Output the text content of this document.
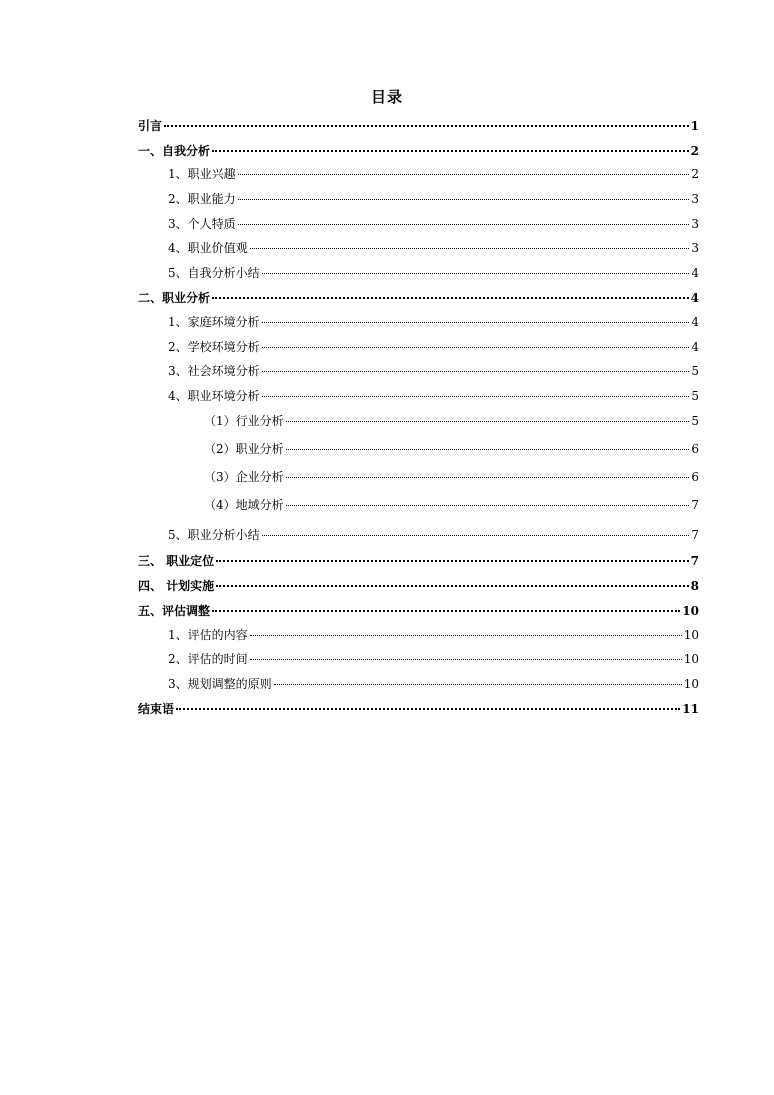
目录
引言	1
一、自我分析	2
1、职业兴趣	2
2、职业能力	3
3、个人特质	3
4、职业价值观	3
5、自我分析小结	4
二、职业分析	4
1、家庭环境分析	4
2、学校环境分析	4
3、社会环境分析	5
4、职业环境分析	5
（1）行业分析	5
（2）职业分析	6
（3）企业分析	6
（4）地域分析	7
5、职业分析小结	7
三、 职业定位	7
四、 计划实施	8
五、评估调整	10
1、评估的内容	10
2、评估的时间	10
3、规划调整的原则	10
结束语	11
